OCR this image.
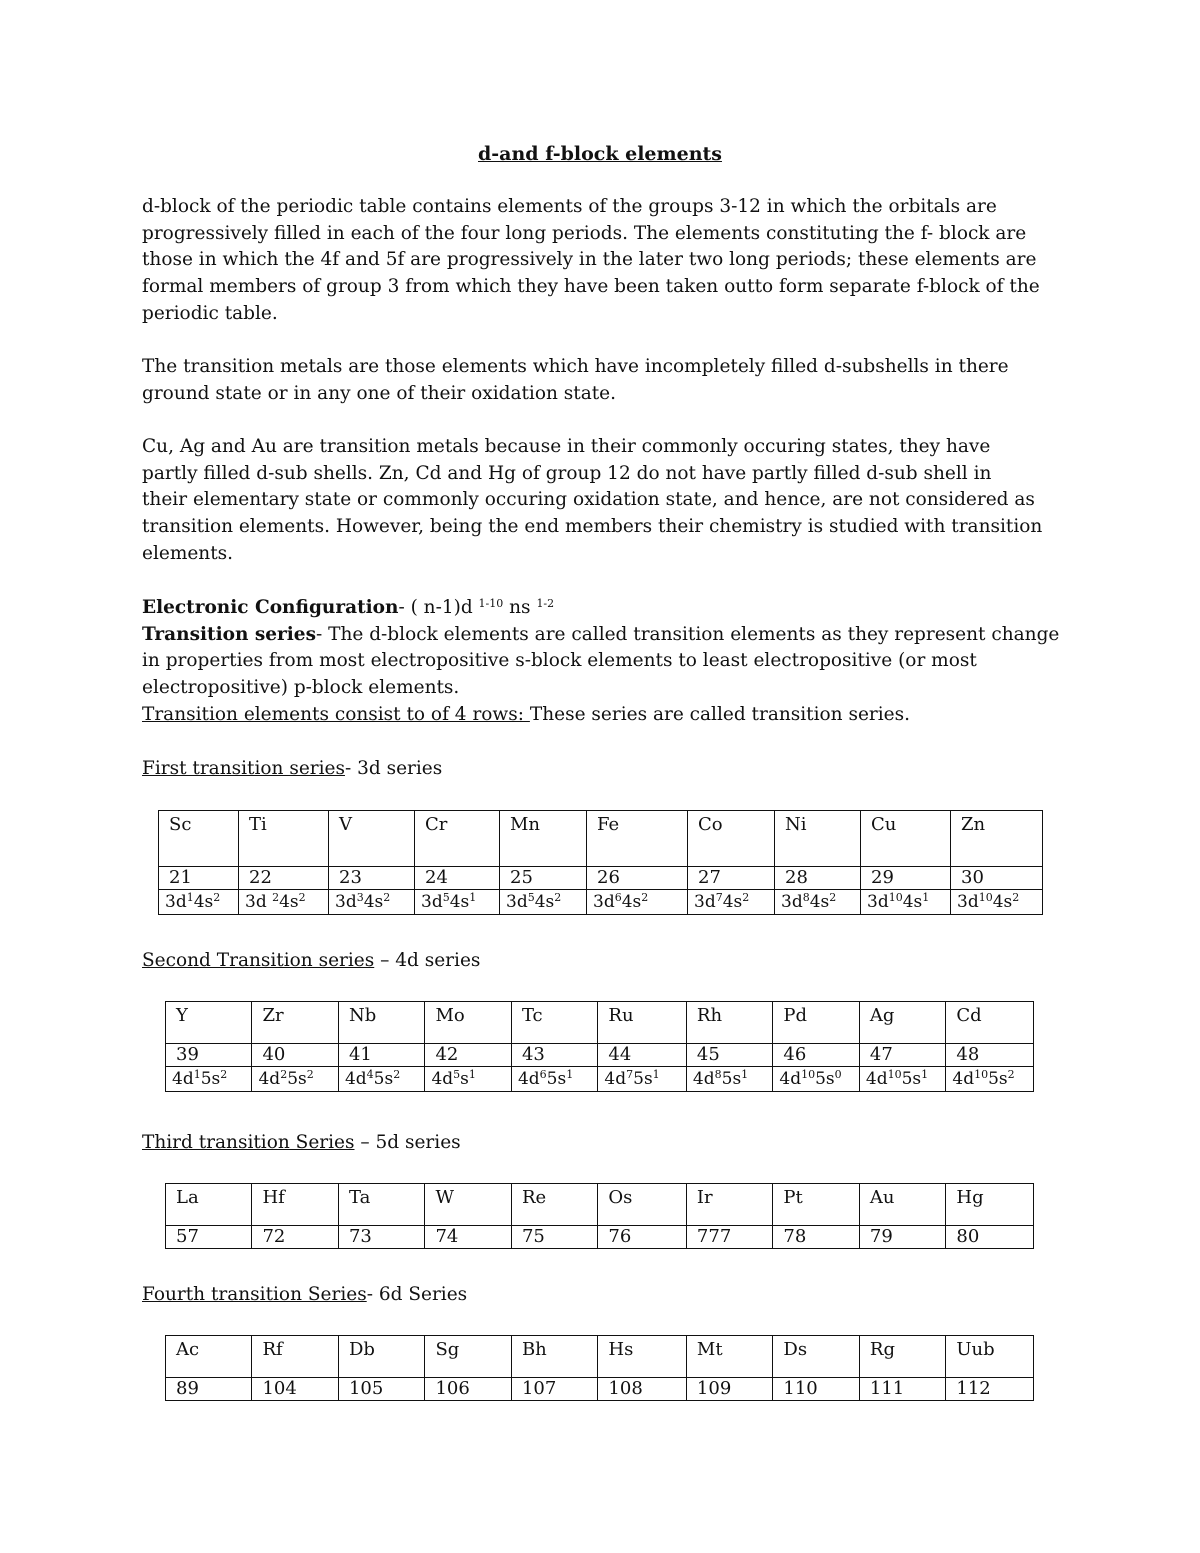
d-and f-block elements

d-block of the periodic table contains elements of the groups 3-12 in which the orbitals are
progressively filled in each of the four long periods. The elements constituting the f- block are
those in which the 4f and 5f are progressively in the later two long periods; these elements are
formal members of group 3 from which they have been taken outto form separate f-block of the
periodic table.

The transition metals are those elements which have incompletely filled d-subshells in there
ground state or in any one of their oxidation state.

Cu, Ag and Au are transition metals because in their commonly occuring states, they have
partly filled d-sub shells. Zn, Cd and Hg of group 12 do not have partly filled d-sub shell in
their elementary state or commonly occuring oxidation state, and hence, are not considered as
transition elements. However, being the end members their chemistry is studied with transition
elements.

Electronic Configuration- ( n-1)d $^{1-10}$ ns $^{1-2}$
Transition series- The d-block elements are called transition elements as they represent change
in properties from most electropositive s-block elements to least electropositive (or most
electropositive) p-block elements.
Transition elements consist to of 4 rows: These series are called transition series.

First transition series- 3d series

Sc	Ti	V	Cr	Mn	Fe	Co	Ni	Cu	Zn
21	22	23	24	25	26	27	28	29	30
$3d^14s^2$	3d $^24s^2$	$3d^34s^2$	$3d^54s^1$	$3d^54s^2$	$3d^64s^2$	$3d^74s^2$	$3d^84s^2$	$3d^{10}4s^1$	$3d^{10}4s^2$

Second Transition series – 4d series

Y	Zr	Nb	Mo	Tc	Ru	Rh	Pd	Ag	Cd
39	40	41	42	43	44	45	46	47	48
$4d^15s^2$	$4d^25s^2$	$4d^45s^2$	$4d^5s^1$	$4d^65s^1$	$4d^75s^1$	$4d^85s^1$	$4d^{10}5s^0$	$4d^{10}5s^1$	$4d^{10}5s^2$

Third transition Series – 5d series

La	Hf	Ta	W	Re	Os	Ir	Pt	Au	Hg
57	72	73	74	75	76	777	78	79	80

Fourth transition Series- 6d Series

Ac	Rf	Db	Sg	Bh	Hs	Mt	Ds	Rg	Uub
89	104	105	106	107	108	109	110	111	112
